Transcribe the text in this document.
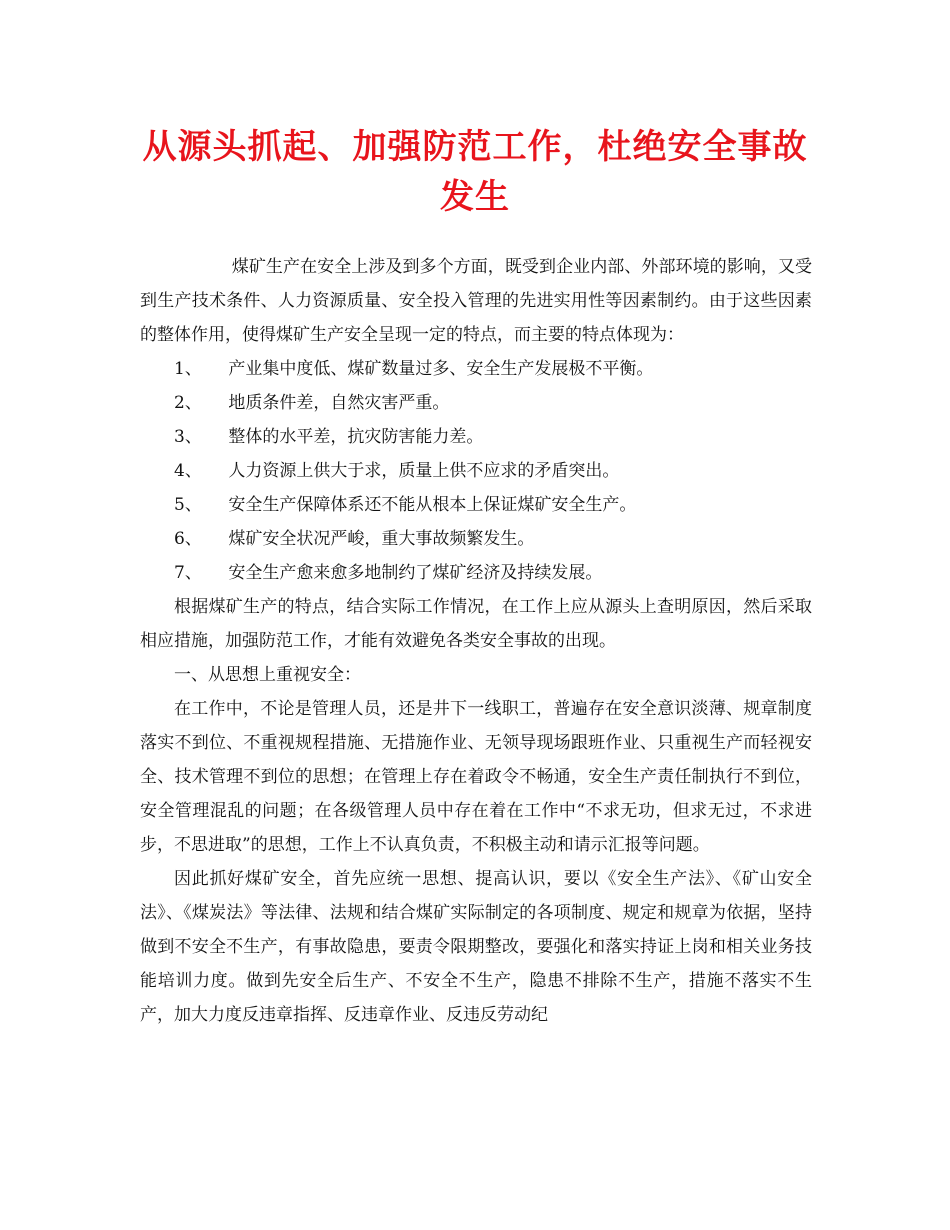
从源头抓起、加强防范工作，杜绝安全事故
发生

煤矿生产在安全上涉及到多个方面，既受到企业内部、外部环境的影响，又受到生产技术条件、人力资源质量、安全投入管理的先进实用性等因素制约。由于这些因素的整体作用，使得煤矿生产安全呈现一定的特点，而主要的特点体现为：

1、	产业集中度低、煤矿数量过多、安全生产发展极不平衡。
2、	地质条件差，自然灾害严重。
3、	整体的水平差，抗灾防害能力差。
4、	人力资源上供大于求，质量上供不应求的矛盾突出。
5、	安全生产保障体系还不能从根本上保证煤矿安全生产。
6、	煤矿安全状况严峻，重大事故频繁发生。
7、	安全生产愈来愈多地制约了煤矿经济及持续发展。

根据煤矿生产的特点，结合实际工作情况，在工作上应从源头上查明原因，然后采取相应措施，加强防范工作，才能有效避免各类安全事故的出现。

一、从思想上重视安全：

在工作中，不论是管理人员，还是井下一线职工，普遍存在安全意识淡薄、规章制度落实不到位、不重视规程措施、无措施作业、无领导现场跟班作业、只重视生产而轻视安全、技术管理不到位的思想；在管理上存在着政令不畅通，安全生产责任制执行不到位，安全管理混乱的问题；在各级管理人员中存在着在工作中“不求无功，但求无过，不求进步，不思进取”的思想，工作上不认真负责，不积极主动和请示汇报等问题。

因此抓好煤矿安全，首先应统一思想、提高认识，要以《安全生产法》、《矿山安全法》、《煤炭法》等法律、法规和结合煤矿实际制定的各项制度、规定和规章为依据，坚持做到不安全不生产，有事故隐患，要责令限期整改，要强化和落实持证上岗和相关业务技能培训力度。做到先安全后生产、不安全不生产，隐患不排除不生产，措施不落实不生产，加大力度反违章指挥、反违章作业、反违反劳动纪
